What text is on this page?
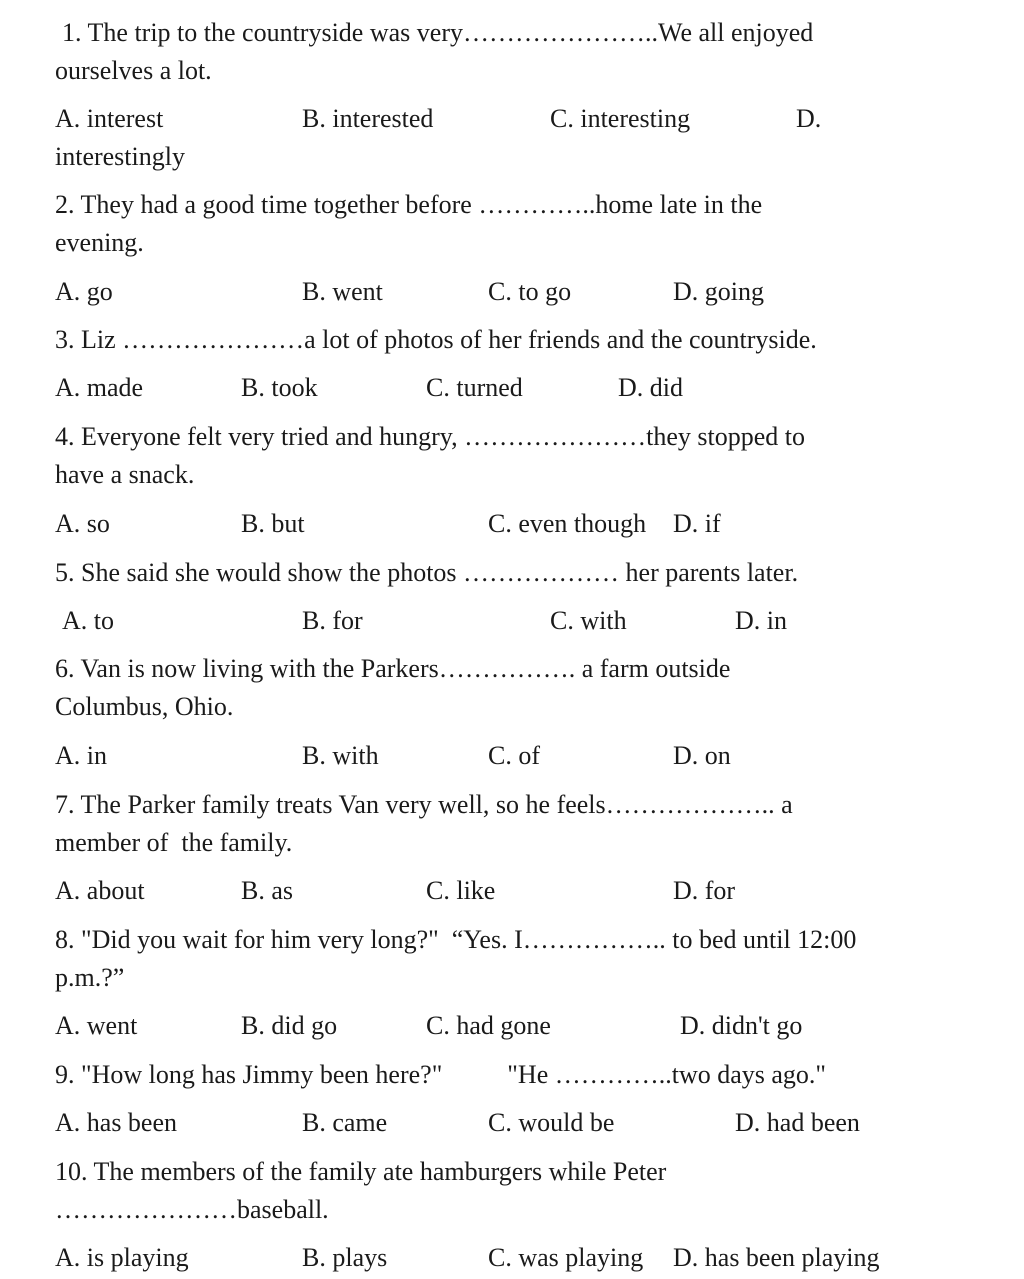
1. The trip to the countryside was very…………………..We all enjoyed
ourselves a lot.
A. interest	B. interested	C. interesting	D.
interestingly
2. They had a good time together before …………..home late in the
evening.
A. go	B. went	C. to go	D. going
3. Liz …………………a lot of photos of her friends and the countryside.
A. made	B. took	C. turned	D. did
4. Everyone felt very tried and hungry, …………………they stopped to
have a snack.
A. so	B. but	C. even though D. if
5. She said she would show the photos ……………… her parents later.
A. to	B. for	C. with	D. in
6. Van is now living with the Parkers……………. a farm outside
Columbus, Ohio.
A. in	B. with	C. of	D. on
7. The Parker family treats Van very well, so he feels……………….. a
member of  the family.
A. about	B. as	C. like	D. for
8. "Did you wait for him very long?"  “Yes. I…………….. to bed until 12:00
p.m.?”
A. went	B. did go	C. had gone	D. didn't go
9. "How long has Jimmy been here?"          "He …………..two days ago."
A. has been	B. came	C. would be	D. had been
10. The members of the family ate hamburgers while Peter
…………………baseball.
A. is playing	B. plays	C. was playing D. has been playing
